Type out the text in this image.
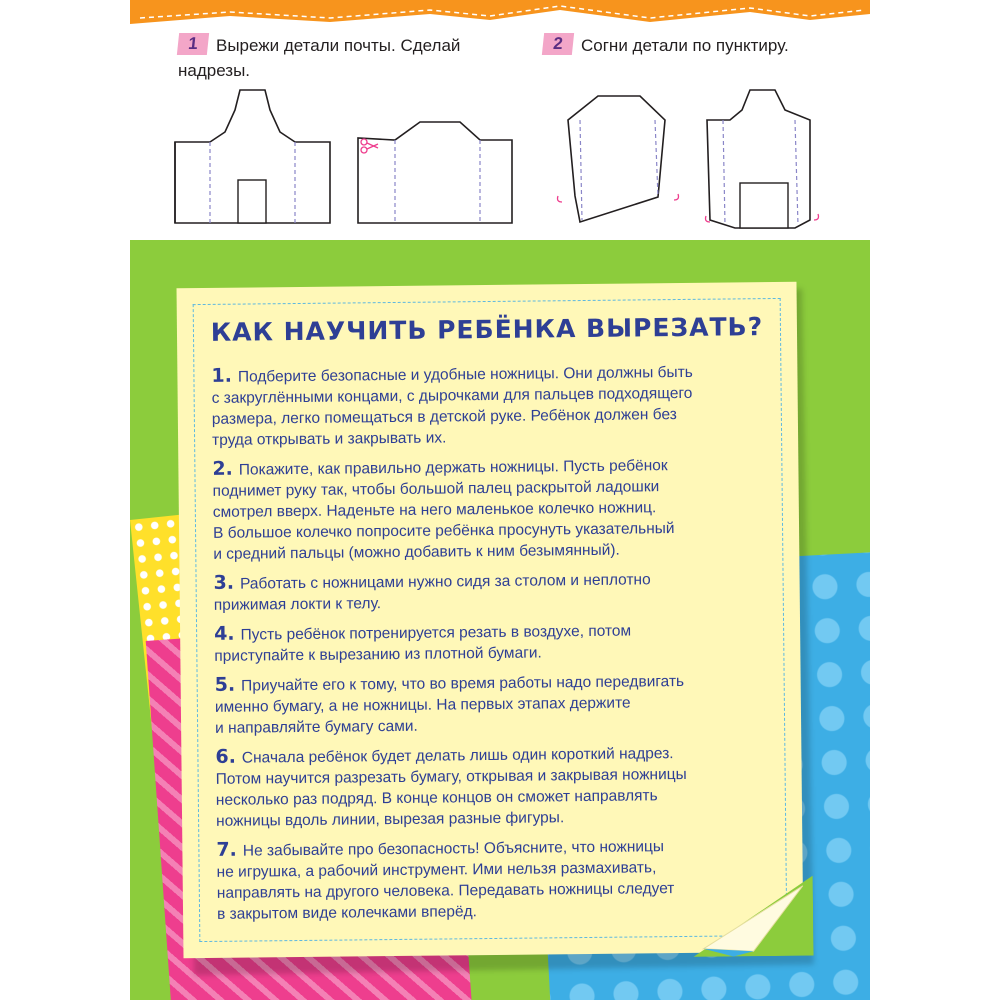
1 Вырежи детали почты. Сделай
надрезы.
2 Согни детали по пунктиру.
КАК НАУЧИТЬ РЕБЁНКА ВЫРЕЗАТЬ?
1. Подберите безопасные и удобные ножницы. Они должны быть
с закруглёнными концами, с дырочками для пальцев подходящего
размера, легко помещаться в детской руке. Ребёнок должен без
труда открывать и закрывать их.
2. Покажите, как правильно держать ножницы. Пусть ребёнок
поднимет руку так, чтобы большой палец раскрытой ладошки
смотрел вверх. Наденьте на него маленькое колечко ножниц.
В большое колечко попросите ребёнка просунуть указательный
и средний пальцы (можно добавить к ним безымянный).
3. Работать с ножницами нужно сидя за столом и неплотно
прижимая локти к телу.
4. Пусть ребёнок потренируется резать в воздухе, потом
приступайте к вырезанию из плотной бумаги.
5. Приучайте его к тому, что во время работы надо передвигать
именно бумагу, а не ножницы. На первых этапах держите
и направляйте бумагу сами.
6. Сначала ребёнок будет делать лишь один короткий надрез.
Потом научится разрезать бумагу, открывая и закрывая ножницы
несколько раз подряд. В конце концов он сможет направлять
ножницы вдоль линии, вырезая разные фигуры.
7. Не забывайте про безопасность! Объясните, что ножницы
не игрушка, а рабочий инструмент. Ими нельзя размахивать,
направлять на другого человека. Передавать ножницы следует
в закрытом виде колечками вперёд.
